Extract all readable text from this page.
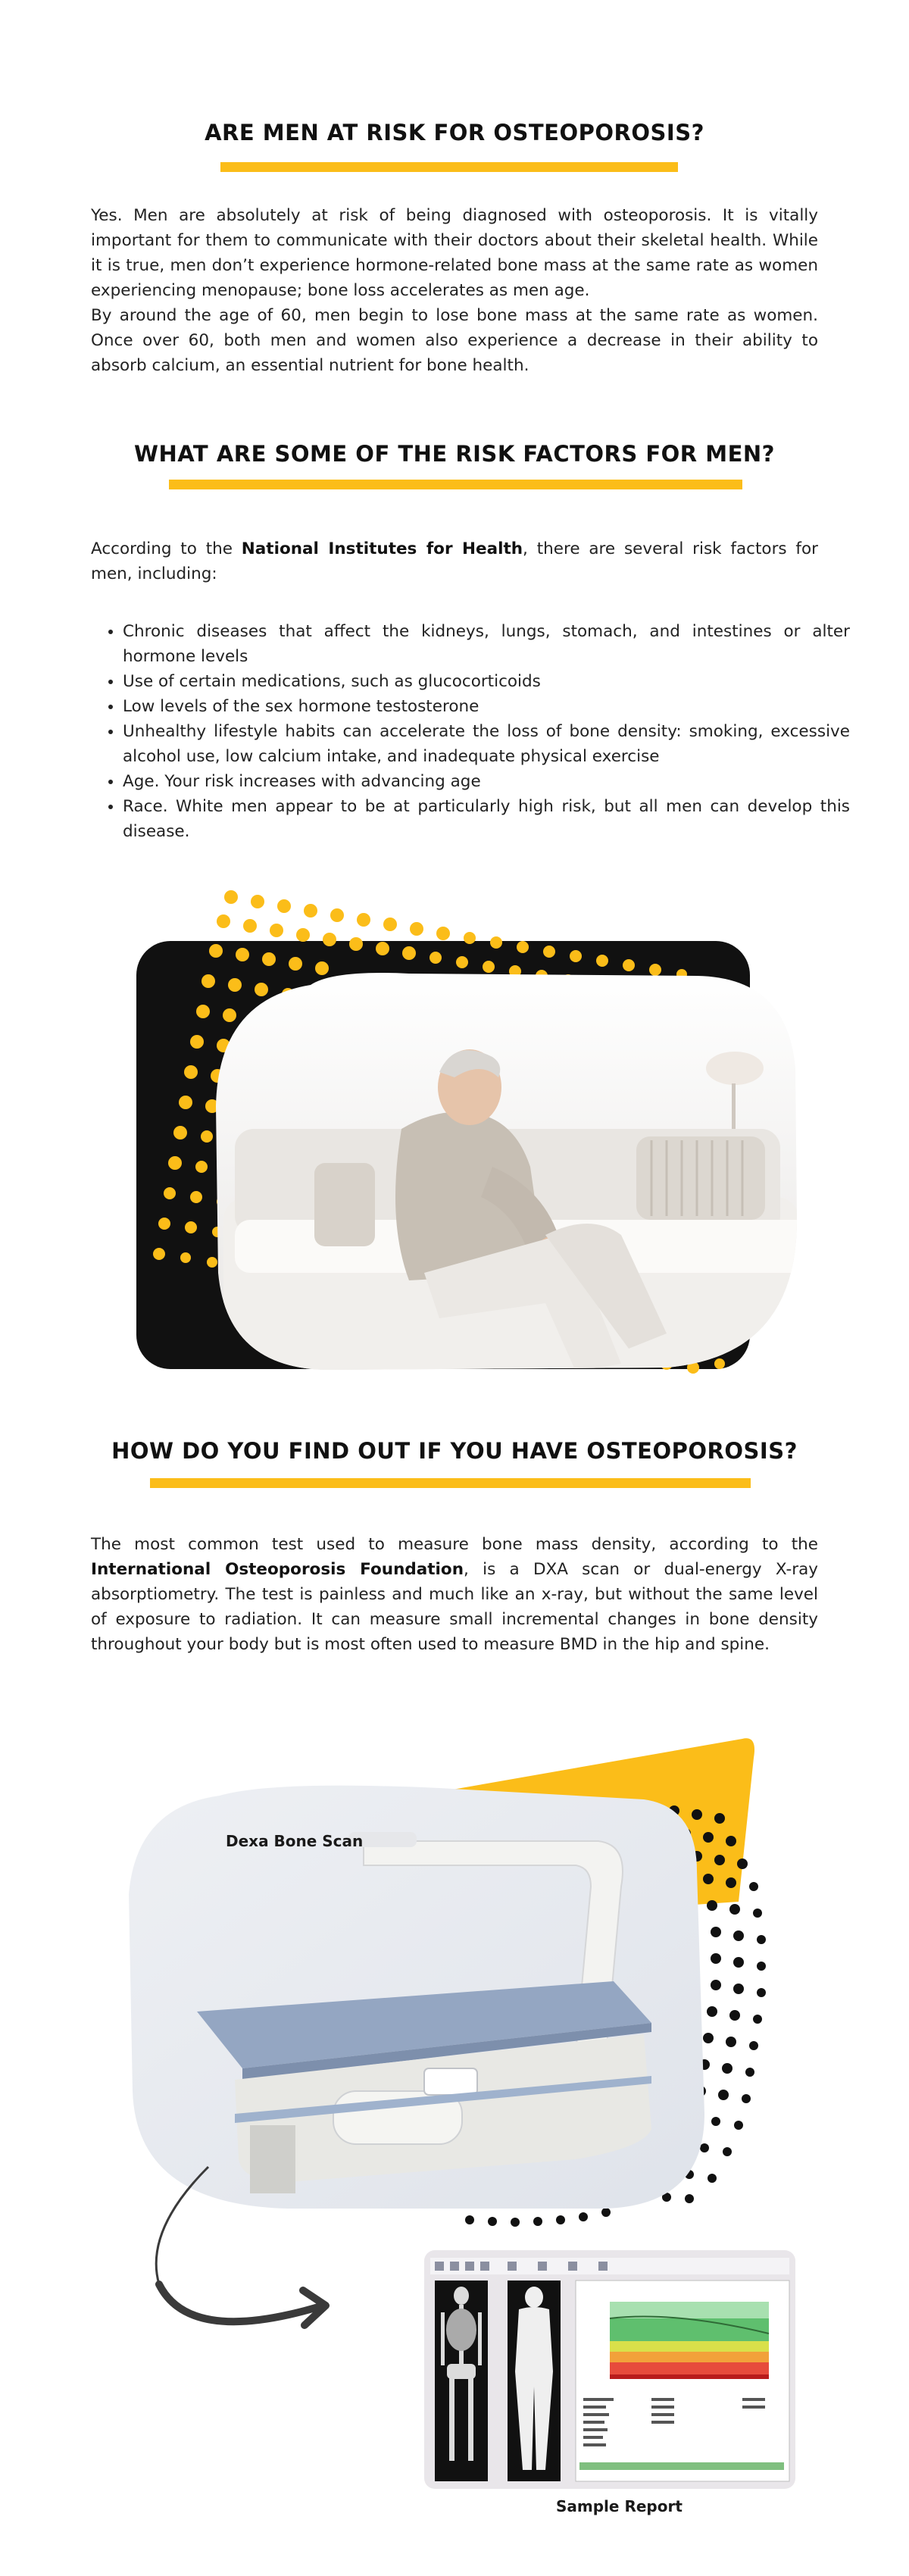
ARE MEN AT RISK FOR OSTEOPOROSIS?
Yes. Men are absolutely at risk of being diagnosed with osteoporosis. It is vitally important for them to communicate with their doctors about their skeletal health. While it is true, men don’t experience hormone-related bone mass at the same rate as women experiencing menopause; bone loss accelerates as men age.
By around the age of 60, men begin to lose bone mass at the same rate as women. Once over 60, both men and women also experience a decrease in their ability to absorb calcium, an essential nutrient for bone health.
WHAT ARE SOME OF THE RISK FACTORS FOR MEN?
According to the National Institutes for Health, there are several risk factors for men, including:
• Chronic diseases that affect the kidneys, lungs, stomach, and intestines or alter hormone levels
• Use of certain medications, such as glucocorticoids
• Low levels of the sex hormone testosterone
• Unhealthy lifestyle habits can accelerate the loss of bone density: smoking, excessive alcohol use, low calcium intake, and inadequate physical exercise
• Age. Your risk increases with advancing age
• Race. White men appear to be at particularly high risk, but all men can develop this disease.
HOW DO YOU FIND OUT IF YOU HAVE OSTEOPOROSIS?
The most common test used to measure bone mass density, according to the International Osteoporosis Foundation, is a DXA scan or dual-energy X-ray absorptiometry. The test is painless and much like an x-ray, but without the same level of exposure to radiation. It can measure small incremental changes in bone density throughout your body but is most often used to measure BMD in the hip and spine.
Dexa Bone Scan
Sample Report
